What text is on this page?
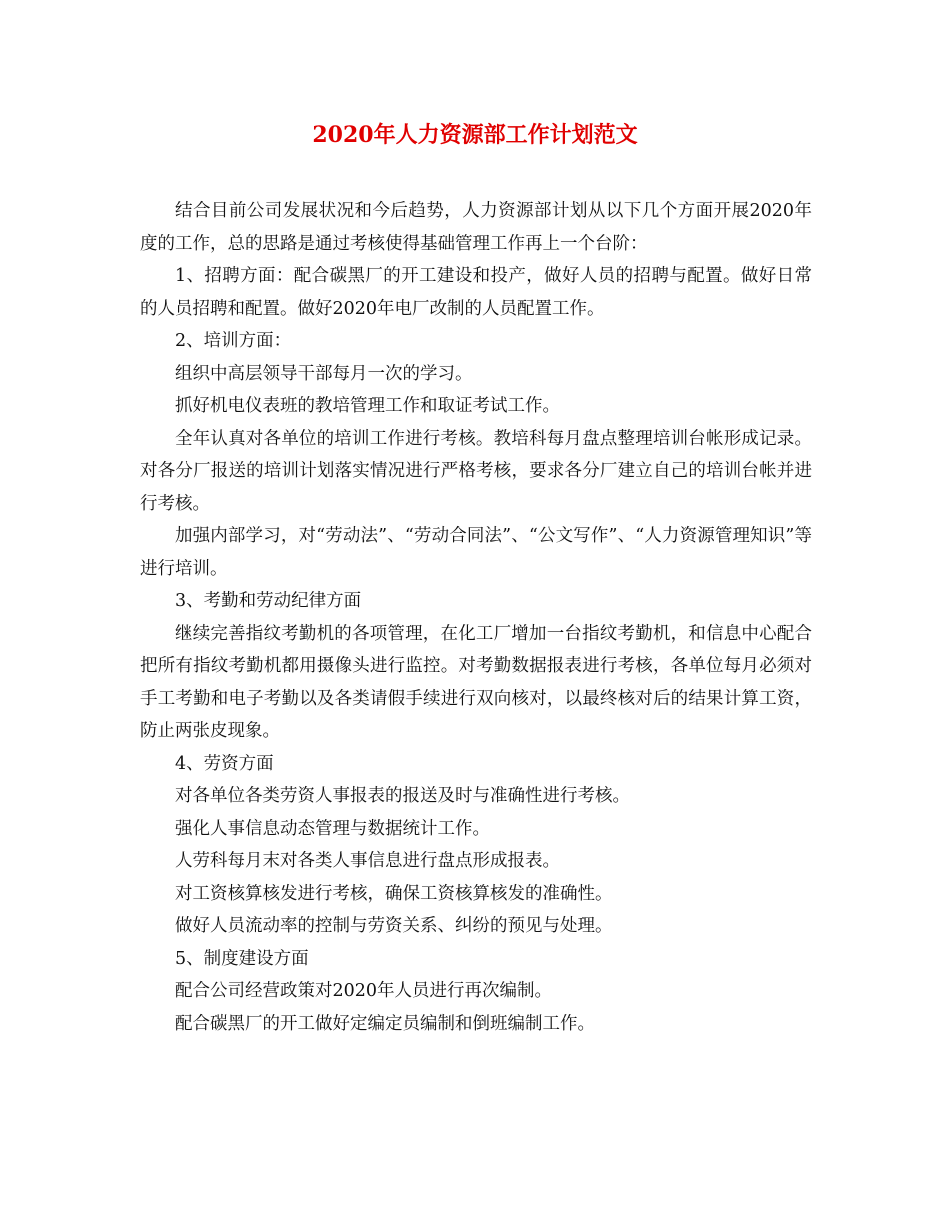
2020年人力资源部工作计划范文

结合目前公司发展状况和今后趋势，人力资源部计划从以下几个方面开展2020年度的工作，总的思路是通过考核使得基础管理工作再上一个台阶：

1、招聘方面：配合碳黑厂的开工建设和投产，做好人员的招聘与配置。做好日常的人员招聘和配置。做好2020年电厂改制的人员配置工作。

2、培训方面：

组织中高层领导干部每月一次的学习。

抓好机电仪表班的教培管理工作和取证考试工作。

全年认真对各单位的培训工作进行考核。教培科每月盘点整理培训台帐形成记录。对各分厂报送的培训计划落实情况进行严格考核，要求各分厂建立自己的培训台帐并进行考核。

加强内部学习，对“劳动法”、“劳动合同法”、“公文写作”、“人力资源管理知识”等进行培训。

3、考勤和劳动纪律方面

继续完善指纹考勤机的各项管理，在化工厂增加一台指纹考勤机，和信息中心配合把所有指纹考勤机都用摄像头进行监控。对考勤数据报表进行考核，各单位每月必须对手工考勤和电子考勤以及各类请假手续进行双向核对，以最终核对后的结果计算工资，防止两张皮现象。

4、劳资方面

对各单位各类劳资人事报表的报送及时与准确性进行考核。

强化人事信息动态管理与数据统计工作。

人劳科每月末对各类人事信息进行盘点形成报表。

对工资核算核发进行考核，确保工资核算核发的准确性。

做好人员流动率的控制与劳资关系、纠纷的预见与处理。

5、制度建设方面

配合公司经营政策对2020年人员进行再次编制。

配合碳黑厂的开工做好定编定员编制和倒班编制工作。
